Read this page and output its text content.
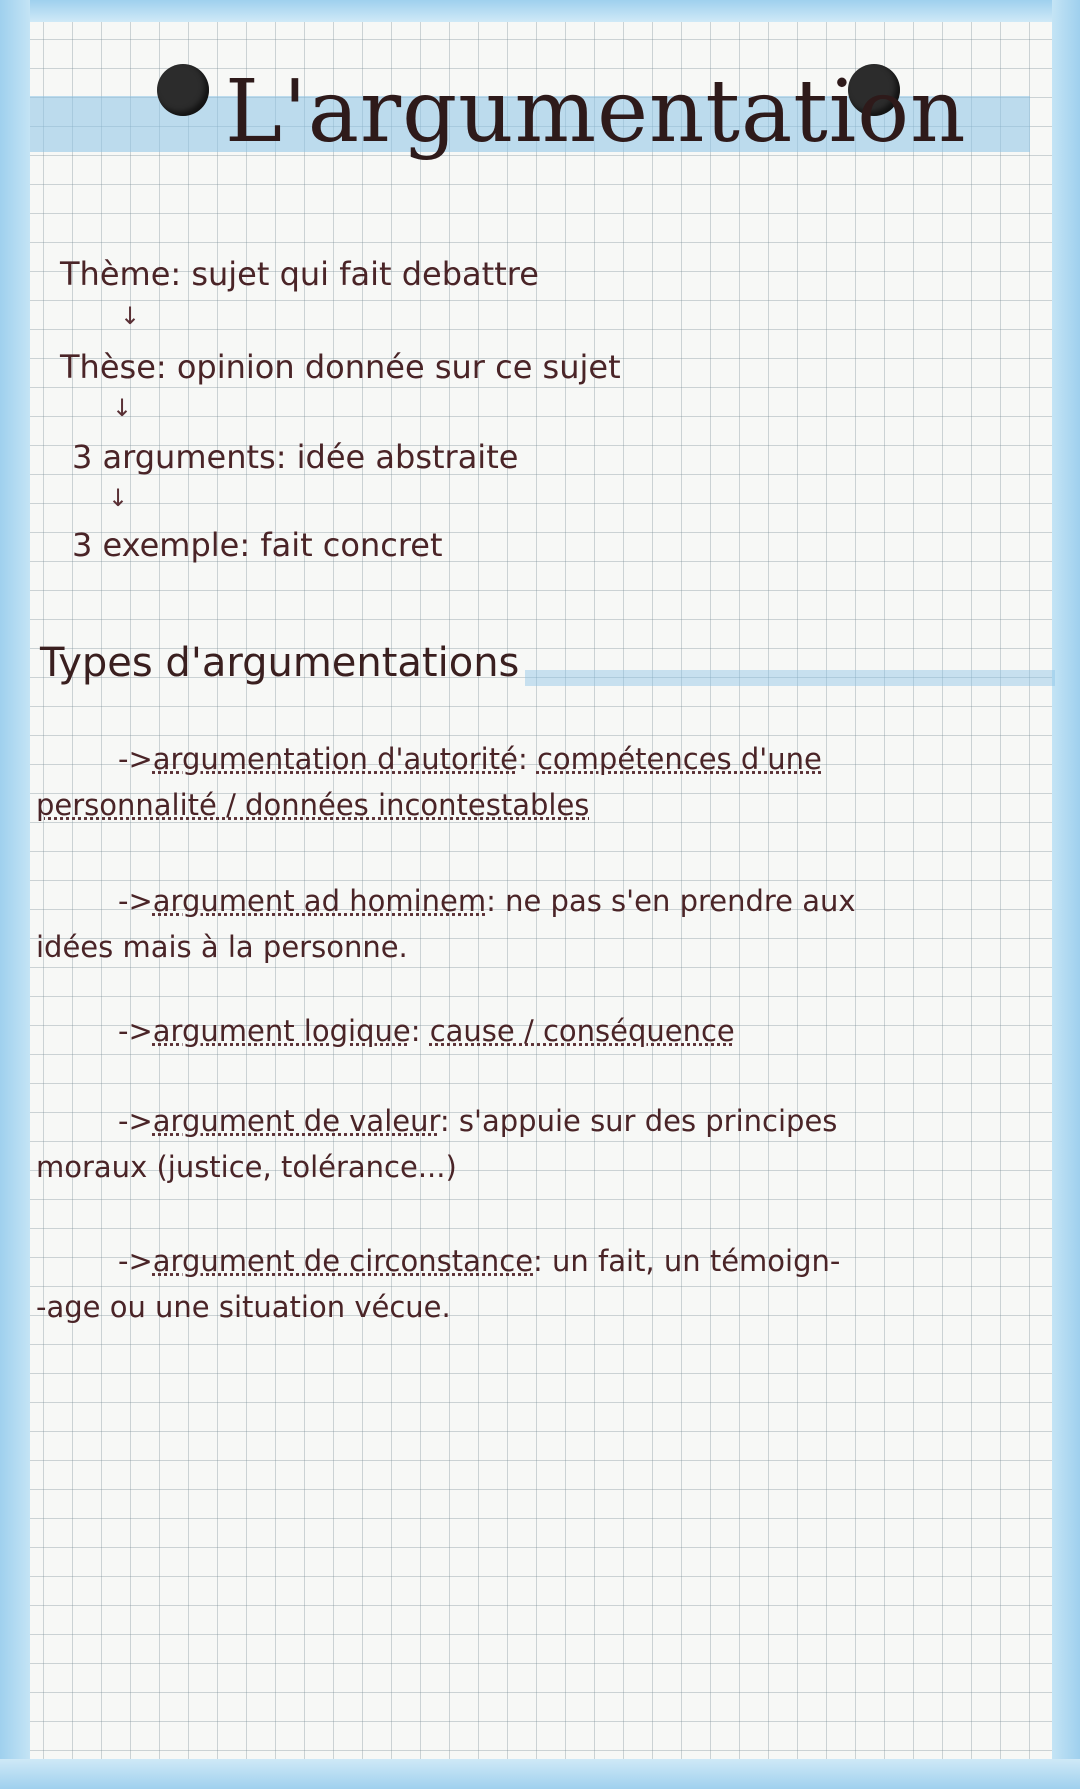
L'argumentation
Thème: sujet qui fait debattre
↓
Thèse: opinion donnée sur ce sujet
↓
3 arguments: idée abstraite
↓
3 exemple: fait concret
Types d'argumentations
->argumentation d'autorité: compétences d'une
personnalité / données incontestables
->argument ad hominem: ne pas s'en prendre aux
idées mais à la personne.
->argument logique: cause / conséquence
->argument de valeur: s'appuie sur des principes
moraux (justice, tolérance...)
->argument de circonstance: un fait, un témoign-
-age ou une situation vécue.
